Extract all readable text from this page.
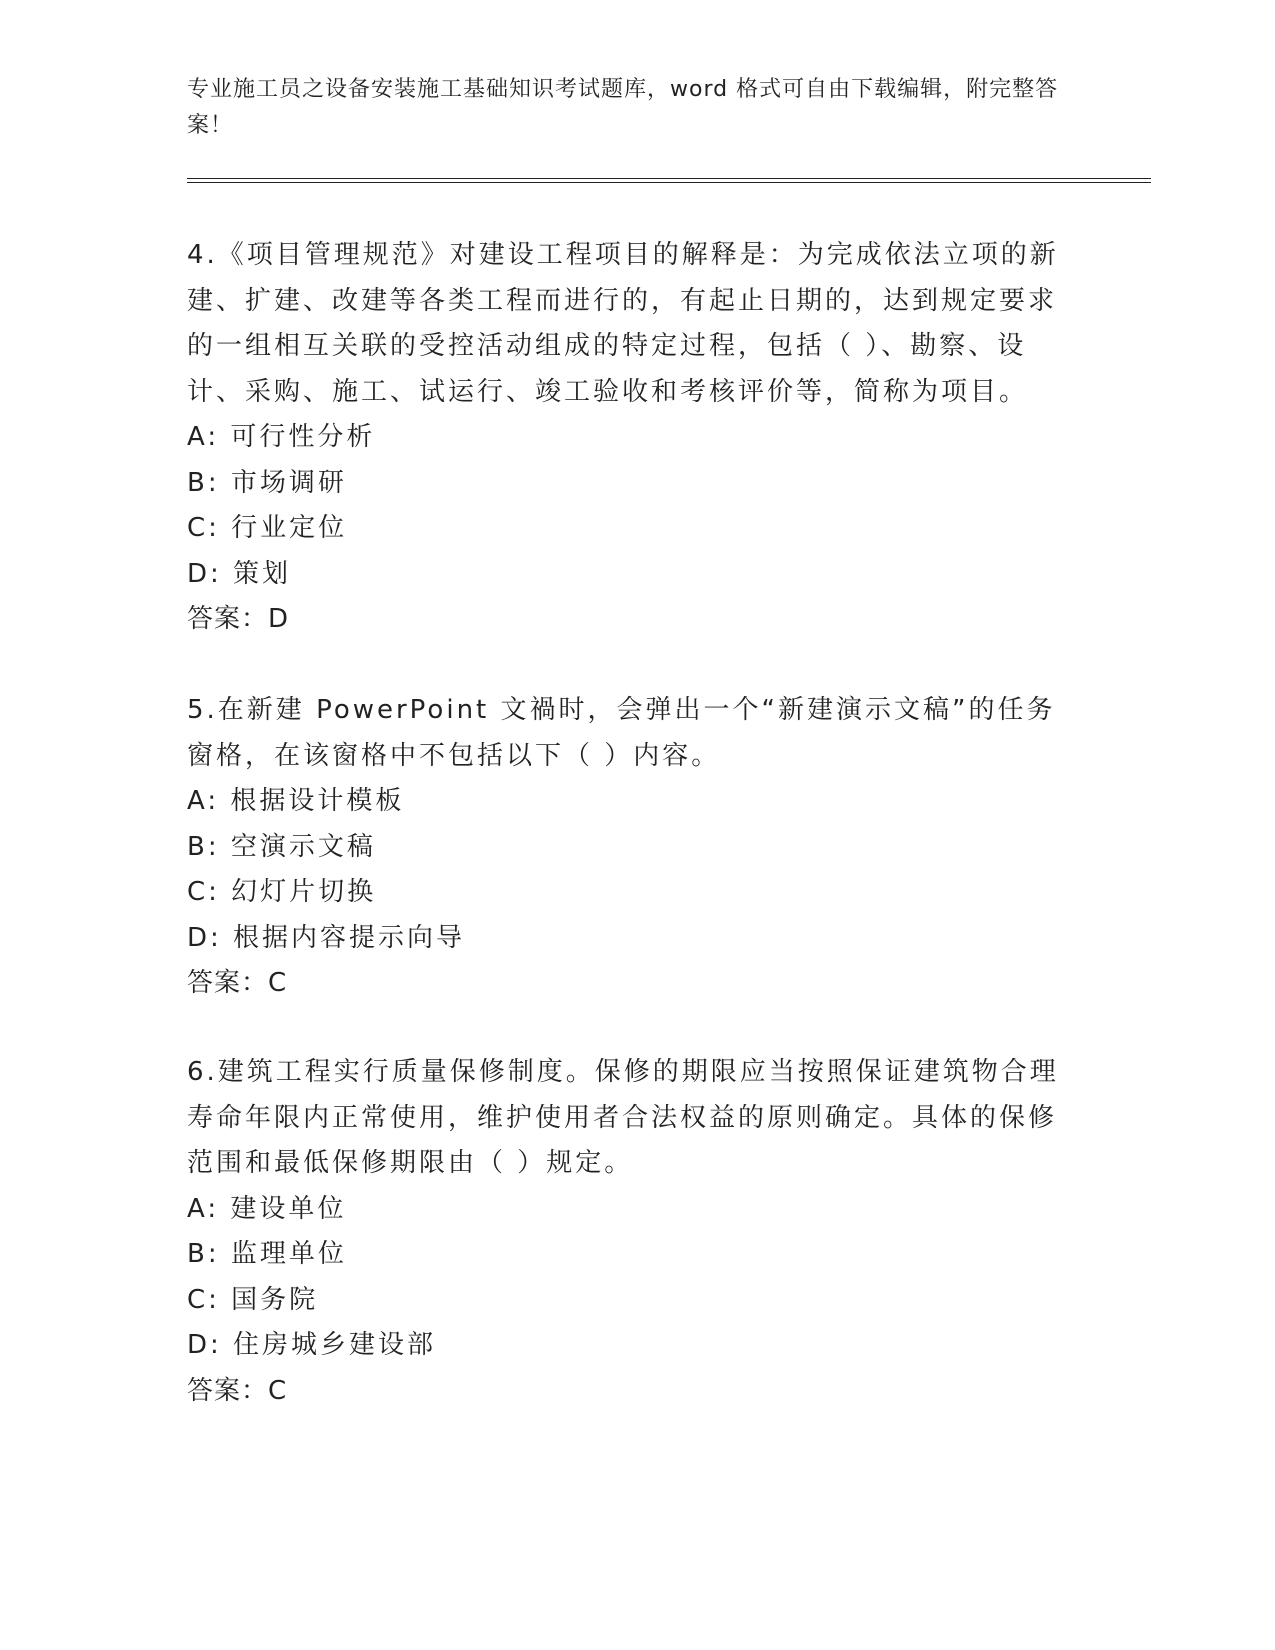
专业施工员之设备安装施工基础知识考试题库，word 格式可自由下载编辑，附完整答案！

4.《项目管理规范》对建设工程项目的解释是：为完成依法立项的新建、扩建、改建等各类工程而进行的，有起止日期的，达到规定要求的一组相互关联的受控活动组成的特定过程，包括（ ）、勘察、设计、采购、施工、试运行、竣工验收和考核评价等，简称为项目。

A: 可行性分析

B: 市场调研

C: 行业定位

D: 策划

答案：D

5.在新建 PowerPoint 文禍时，会弹出一个“新建演示文稿”的任务窗格，在该窗格中不包括以下（ ）内容。

A: 根据设计模板

B: 空演示文稿

C: 幻灯片切换

D: 根据内容提示向导

答案：C

6.建筑工程实行质量保修制度。保修的期限应当按照保证建筑物合理寿命年限内正常使用，维护使用者合法权益的原则确定。具体的保修范围和最低保修期限由（ ）规定。

A: 建设单位

B: 监理单位

C: 国务院

D: 住房城乡建设部

答案：C
